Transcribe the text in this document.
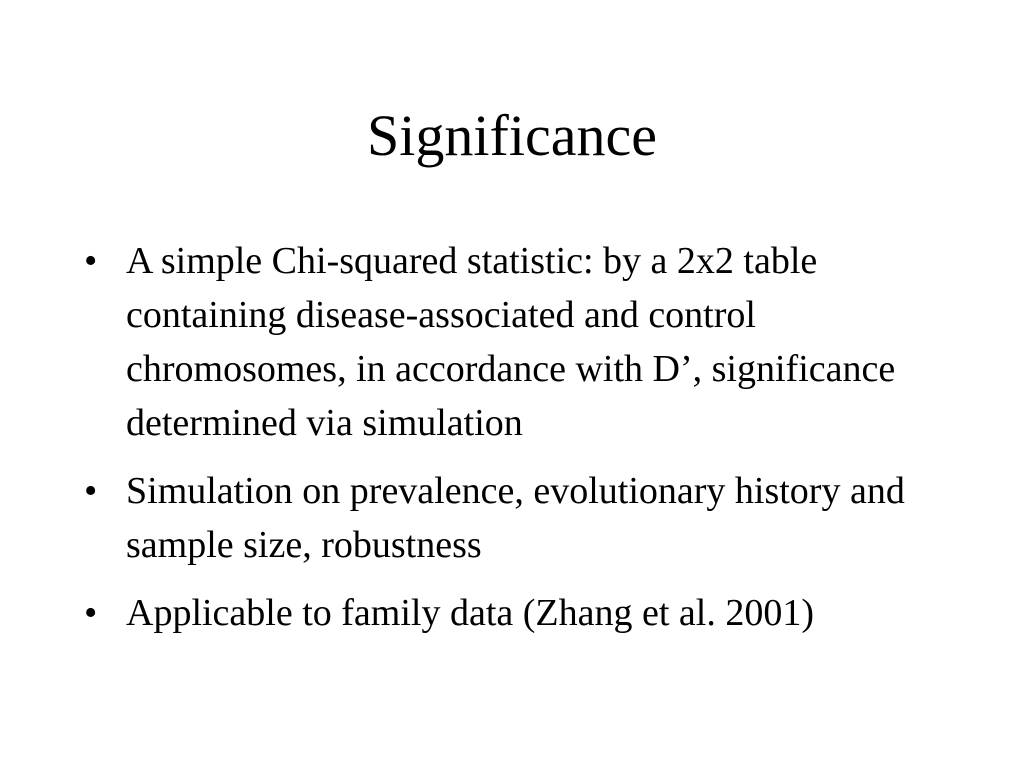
Significance
• A simple Chi-squared statistic: by a 2x2 table containing disease-associated and control chromosomes, in accordance with D’, significance determined via simulation
• Simulation on prevalence, evolutionary history and sample size, robustness
• Applicable to family data (Zhang et al. 2001)
